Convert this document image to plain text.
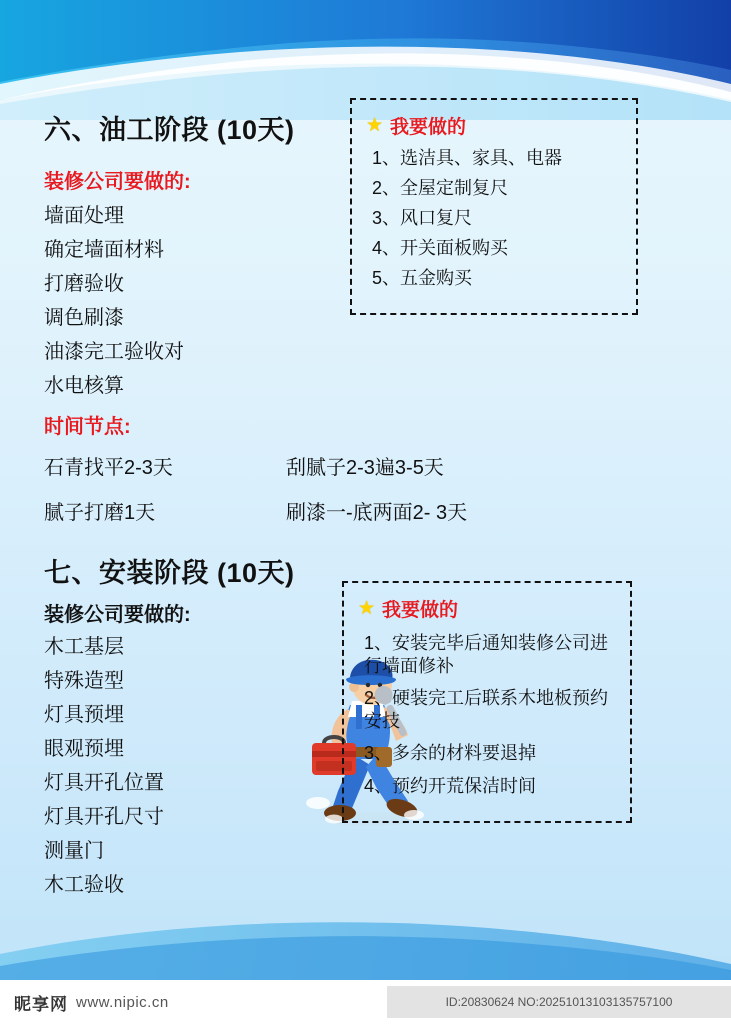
六、油工阶段 (10天)
装修公司要做的:
墙面处理
确定墙面材料
打磨验收
调色刷漆
油漆完工验收对
水电核算
★ 我要做的
1、选洁具、家具、电器
2、全屋定制复尺
3、风口复尺
4、开关面板购买
5、五金购买
时间节点:
石青找平2-3天	刮腻子2-3遍3-5天
腻子打磨1天	刷漆一-底两面2- 3天
七、安装阶段 (10天)
装修公司要做的:
木工基层
特殊造型
灯具预埋
眼观预埋
灯具开孔位置
灯具开孔尺寸
测量门
木工验收
★ 我要做的
1、安装完毕后通知装修公司进行墙面修补
2、硬装完工后联系木地板预约安技
3、多余的材料要退掉
4、预约开荒保洁时间
昵享网 www.nipic.cn	ID:20830624 NO:20251013103135757100
